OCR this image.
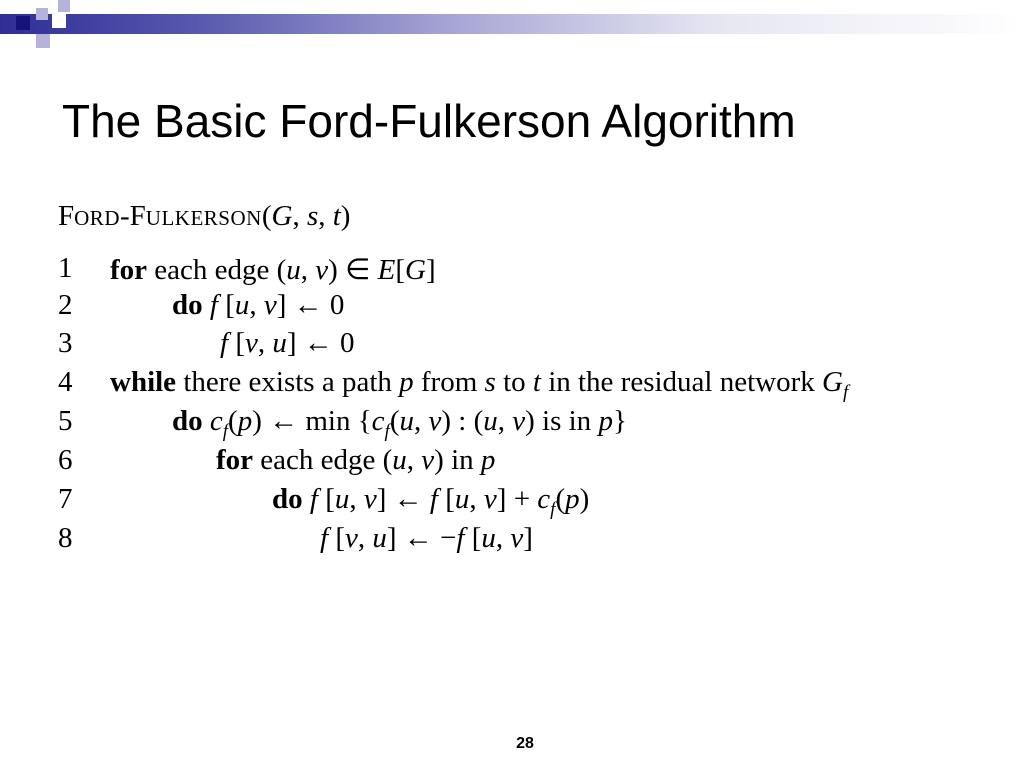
The Basic Ford-Fulkerson Algorithm
FORD-FULKERSON(G, s, t)
1	for each edge (u, v) ∈ E[G]
2	do f [u, v] ← 0
3	f [v, u] ← 0
4	while there exists a path p from s to t in the residual network $G_f$
5	do $c_f(p)$ ← $\min \{c_f(u$, v) : (u, v) is in p}
6	for each edge (u, v) in p
7	do f [u, v] ← f [u, $v] + c_f(p)$
8	f [v, u] ← −f [u, v]
28
